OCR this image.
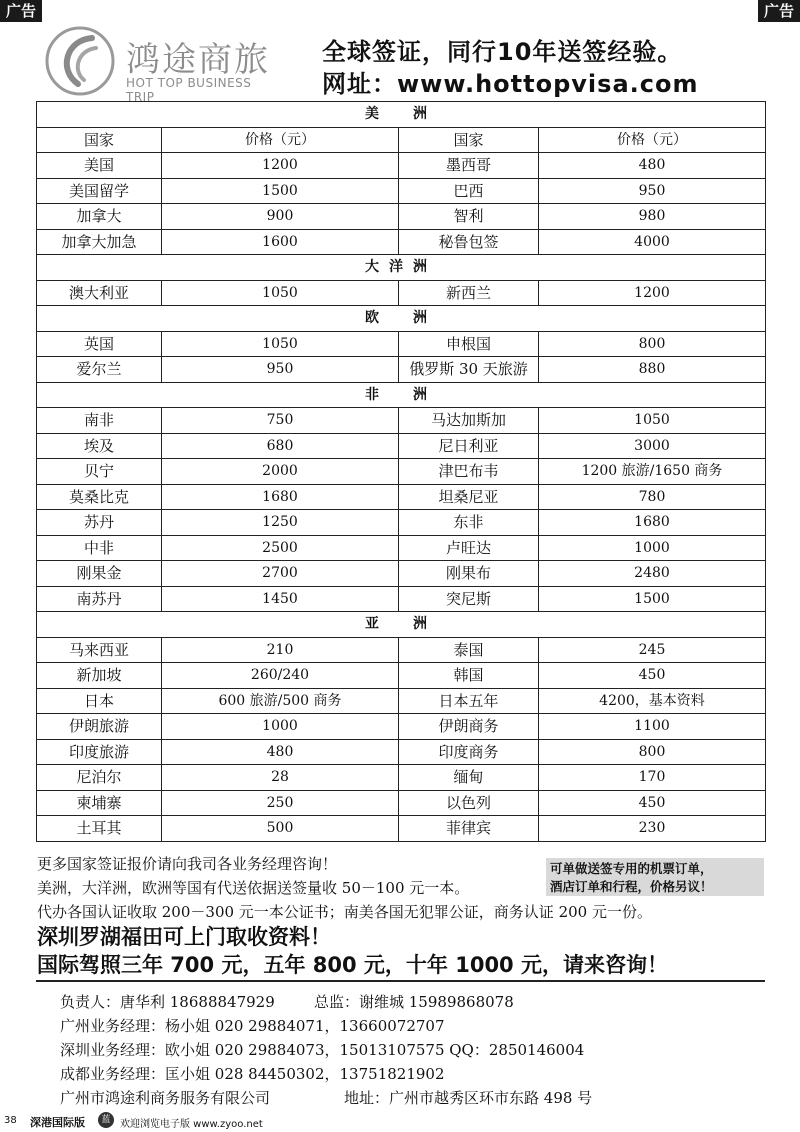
广告	广告
鸿途商旅
HOT TOP BUSINESS TRIP
全球签证，同行10年送签经验。
网址：www.hottopvisa.com
美　洲			
国家	价格（元）	国家	价格（元）
美国	1200	墨西哥	480
美国留学	1500	巴西	950
加拿大	900	智利	980
加拿大加急	1600	秘鲁包签	4000
大洋洲			
澳大利亚	1050	新西兰	1200
欧　洲			
英国	1050	申根国	800
爱尔兰	950	俄罗斯 30 天旅游	880
非　洲			
南非	750	马达加斯加	1050
埃及	680	尼日利亚	3000
贝宁	2000	津巴布韦	1200 旅游/1650 商务
莫桑比克	1680	坦桑尼亚	780
苏丹	1250	东非	1680
中非	2500	卢旺达	1000
刚果金	2700	刚果布	2480
南苏丹	1450	突尼斯	1500
亚　洲			
马来西亚	210	泰国	245
新加坡	260/240	韩国	450
日本	600 旅游/500 商务	日本五年	4200，基本资料
伊朗旅游	1000	伊朗商务	1100
印度旅游	480	印度商务	800
尼泊尔	28	缅甸	170
柬埔寨	250	以色列	450
土耳其	500	菲律宾	230
更多国家签证报价请向我司各业务经理咨询！
美洲，大洋洲，欧洲等国有代送依据送签量收 50－100 元一本。
可单做送签专用的机票订单，
酒店订单和行程，价格另议！
代办各国认证收取 200－300 元一本公证书；南美各国无犯罪公证，商务认证 200 元一份。
深圳罗湖福田可上门取收资料！
国际驾照三年 700 元，五年 800 元，十年 1000 元，请来咨询！
负责人：唐华利 18688847929	总监：谢维城 15989868078
广州业务经理：杨小姐 020 29884071，13660072707
深圳业务经理：欧小姐 020 29884073，15013107575 QQ：2850146004
成都业务经理：匡小姐 028 84450302，13751821902
广州市鸿途利商务服务有限公司	地址：广州市越秀区环市东路 498 号
38 深港国际版	蓝 欢迎浏览电子版 www.zyoo.net
